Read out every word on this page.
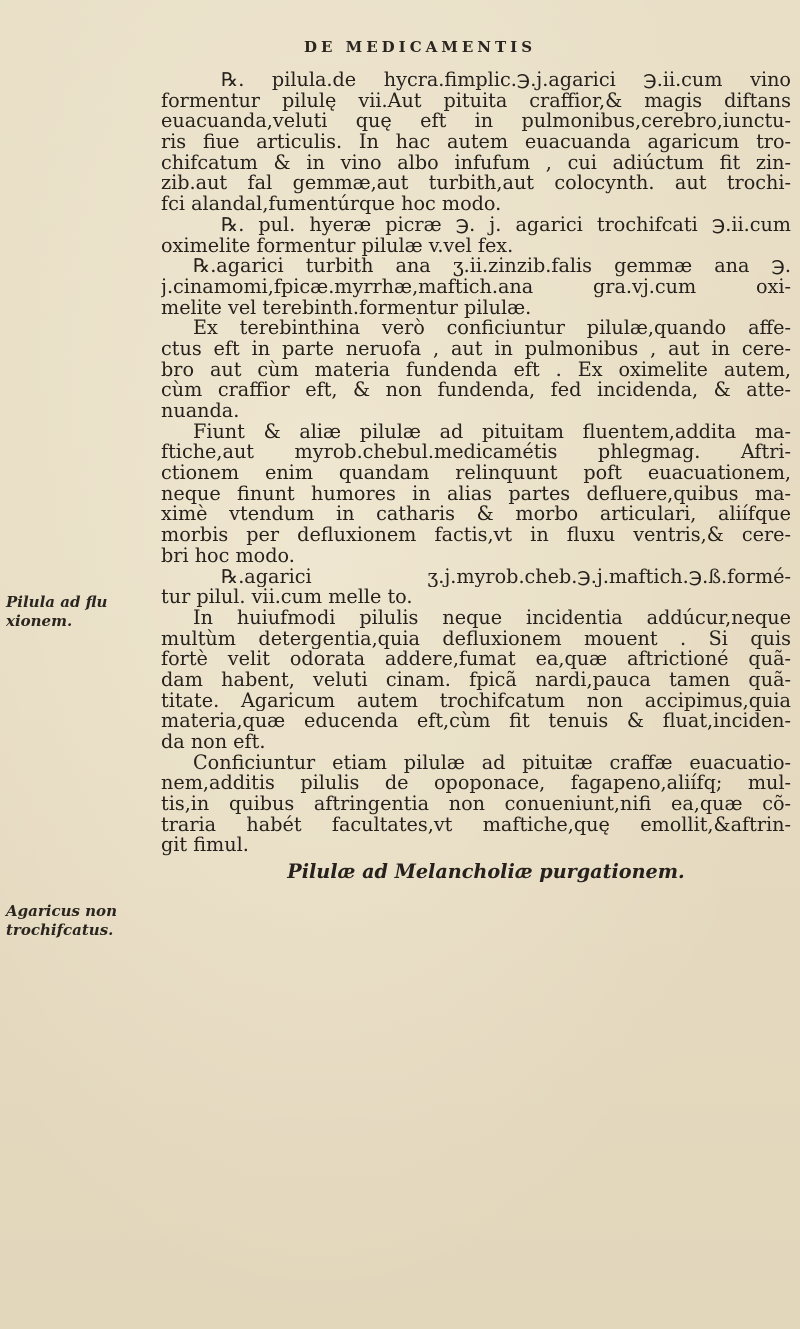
DE MEDICAMENTIS
Pilula ad flu xionem.
Agaricus non trochifcatus.
℞. pilula.de hycra.fimplic.℈.j.agarici ℈.ii.cum vino
formentur pilulę vii.Aut pituita craffior,& magis diftans
euacuanda,veluti quę eft in pulmonibus,cerebro,iunctu-
ris fiue articulis. In hac autem euacuanda agaricum tro-
chifcatum & in vino albo infufum , cui adiúctum fit zin-
zib.aut fal gemmæ,aut turbith,aut colocynth. aut trochi-
fci alandal,fumentúrque hoc modo.
℞. pul. hyeræ picræ ℈. j. agarici trochifcati ℈.ii.cum
oximelite formentur pilulæ v.vel fex.
℞.agarici turbith ana ʒ.ii.zinzib.falis gemmæ ana ℈.
j.cinamomi,fpicæ.myrrhæ,maftich.ana gra.vj.cum oxi-
melite vel terebinth.formentur pilulæ.
Ex terebinthina verò conficiuntur pilulæ,quando affe-
ctus eft in parte neruofa , aut in pulmonibus , aut in cere-
bro aut cùm materia fundenda eft . Ex oximelite autem,
cùm craffior eft, & non fundenda, fed incidenda, & atte-
nuanda.
Fiunt & aliæ pilulæ ad pituitam fluentem,addita ma-
ftiche,aut myrob.chebul.medicamétis phlegmag. Aftri-
ctionem enim quandam relinquunt poft euacuationem,
neque finunt humores in alias partes defluere,quibus ma-
ximè vtendum in catharis & morbo articulari, aliífque
morbis per defluxionem factis,vt in fluxu ventris,& cere-
bri hoc modo.
℞.agarici ʒ.j.myrob.cheb.℈.j.maftich.℈.ß.formé-
tur pilul. vii.cum melle to.
In huiufmodi pilulis neque incidentia addúcur,neque
multùm detergentia,quia defluxionem mouent . Si quis
fortè velit odorata addere,fumat ea,quæ aftrictioné quã-
dam habent, veluti cinam. fpicã nardi,pauca tamen quã-
titate. Agaricum autem trochifcatum non accipimus,quia
materia,quæ educenda eft,cùm fit tenuis & fluat,inciden-
da non eft.
Conficiuntur etiam pilulæ ad pituitæ craffæ euacuatio-
nem,additis pilulis de opoponace, fagapeno,aliífq; mul-
tis,in quibus aftringentia non conueniunt,nifi ea,quæ cõ-
traria habét facultates,vt maftiche,quę emollit,&aftrin-
git fimul.
Pilulæ ad Melancholiæ purgationem.
